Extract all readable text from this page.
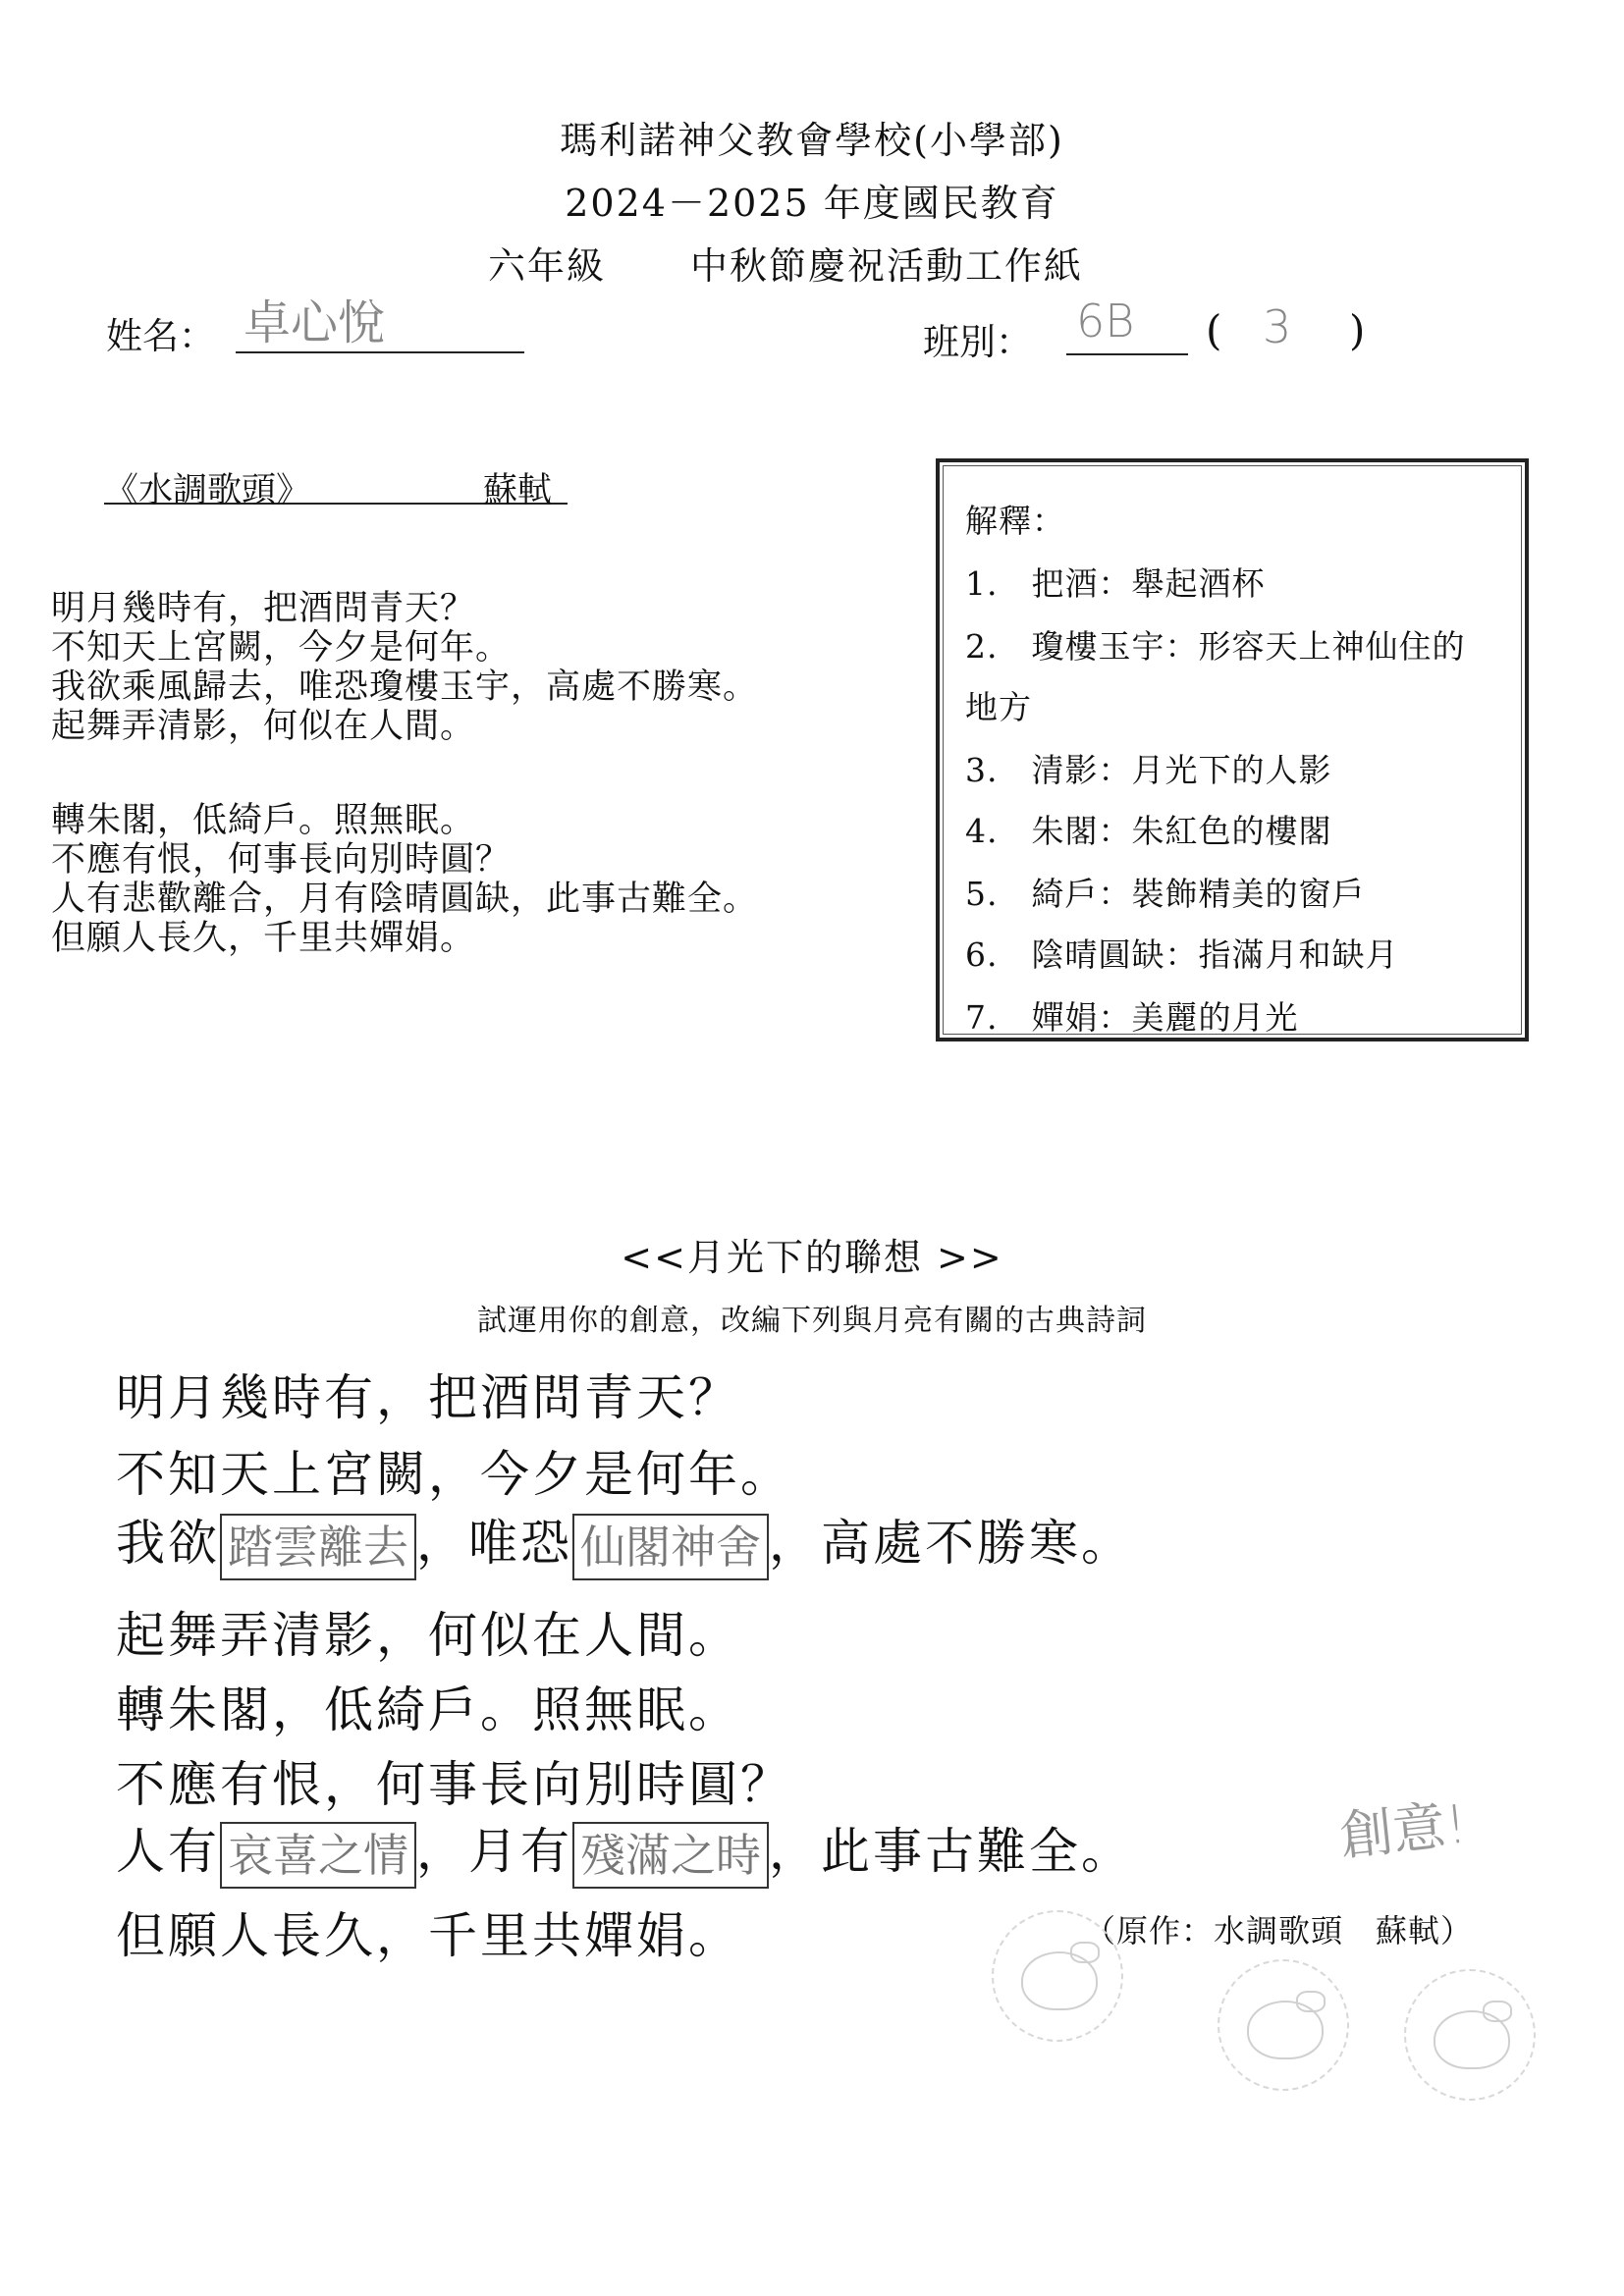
瑪利諾神父教會學校(小學部)
2024－2025 年度國民教育
六年級 中秋節慶祝活動工作紙
姓名： 卓心悅	班別： 6B ( 3 )
《水調歌頭》	蘇軾
明月幾時有，把酒問青天？
不知天上宮闕，今夕是何年。
我欲乘風歸去，唯恐瓊樓玉宇，高處不勝寒。
起舞弄清影，何似在人間。
轉朱閣，低綺戶。照無眠。
不應有恨，何事長向別時圓？
人有悲歡離合，月有陰晴圓缺，此事古難全。
但願人長久，千里共嬋娟。
解釋：
1.　把酒：舉起酒杯
2.　瓊樓玉宇：形容天上神仙住的
地方
3.　清影：月光下的人影
4.　朱閣：朱紅色的樓閣
5.　綺戶：裝飾精美的窗戶
6.　陰晴圓缺：指滿月和缺月
7.　嬋娟：美麗的月光
<<月光下的聯想 >>
試運用你的創意，改編下列與月亮有關的古典詩詞
明月幾時有，把酒問青天？
不知天上宮闕，今夕是何年。
我欲 踏雲離去 ，唯恐 仙閣神舍 ，高處不勝寒。
起舞弄清影，何似在人間。
轉朱閣，低綺戶。照無眠。
不應有恨，何事長向別時圓？
人有 哀喜之情 ，月有 殘滿之時 ，此事古難全。	創意!
但願人長久，千里共嬋娟。	（原作：水調歌頭　蘇軾）
